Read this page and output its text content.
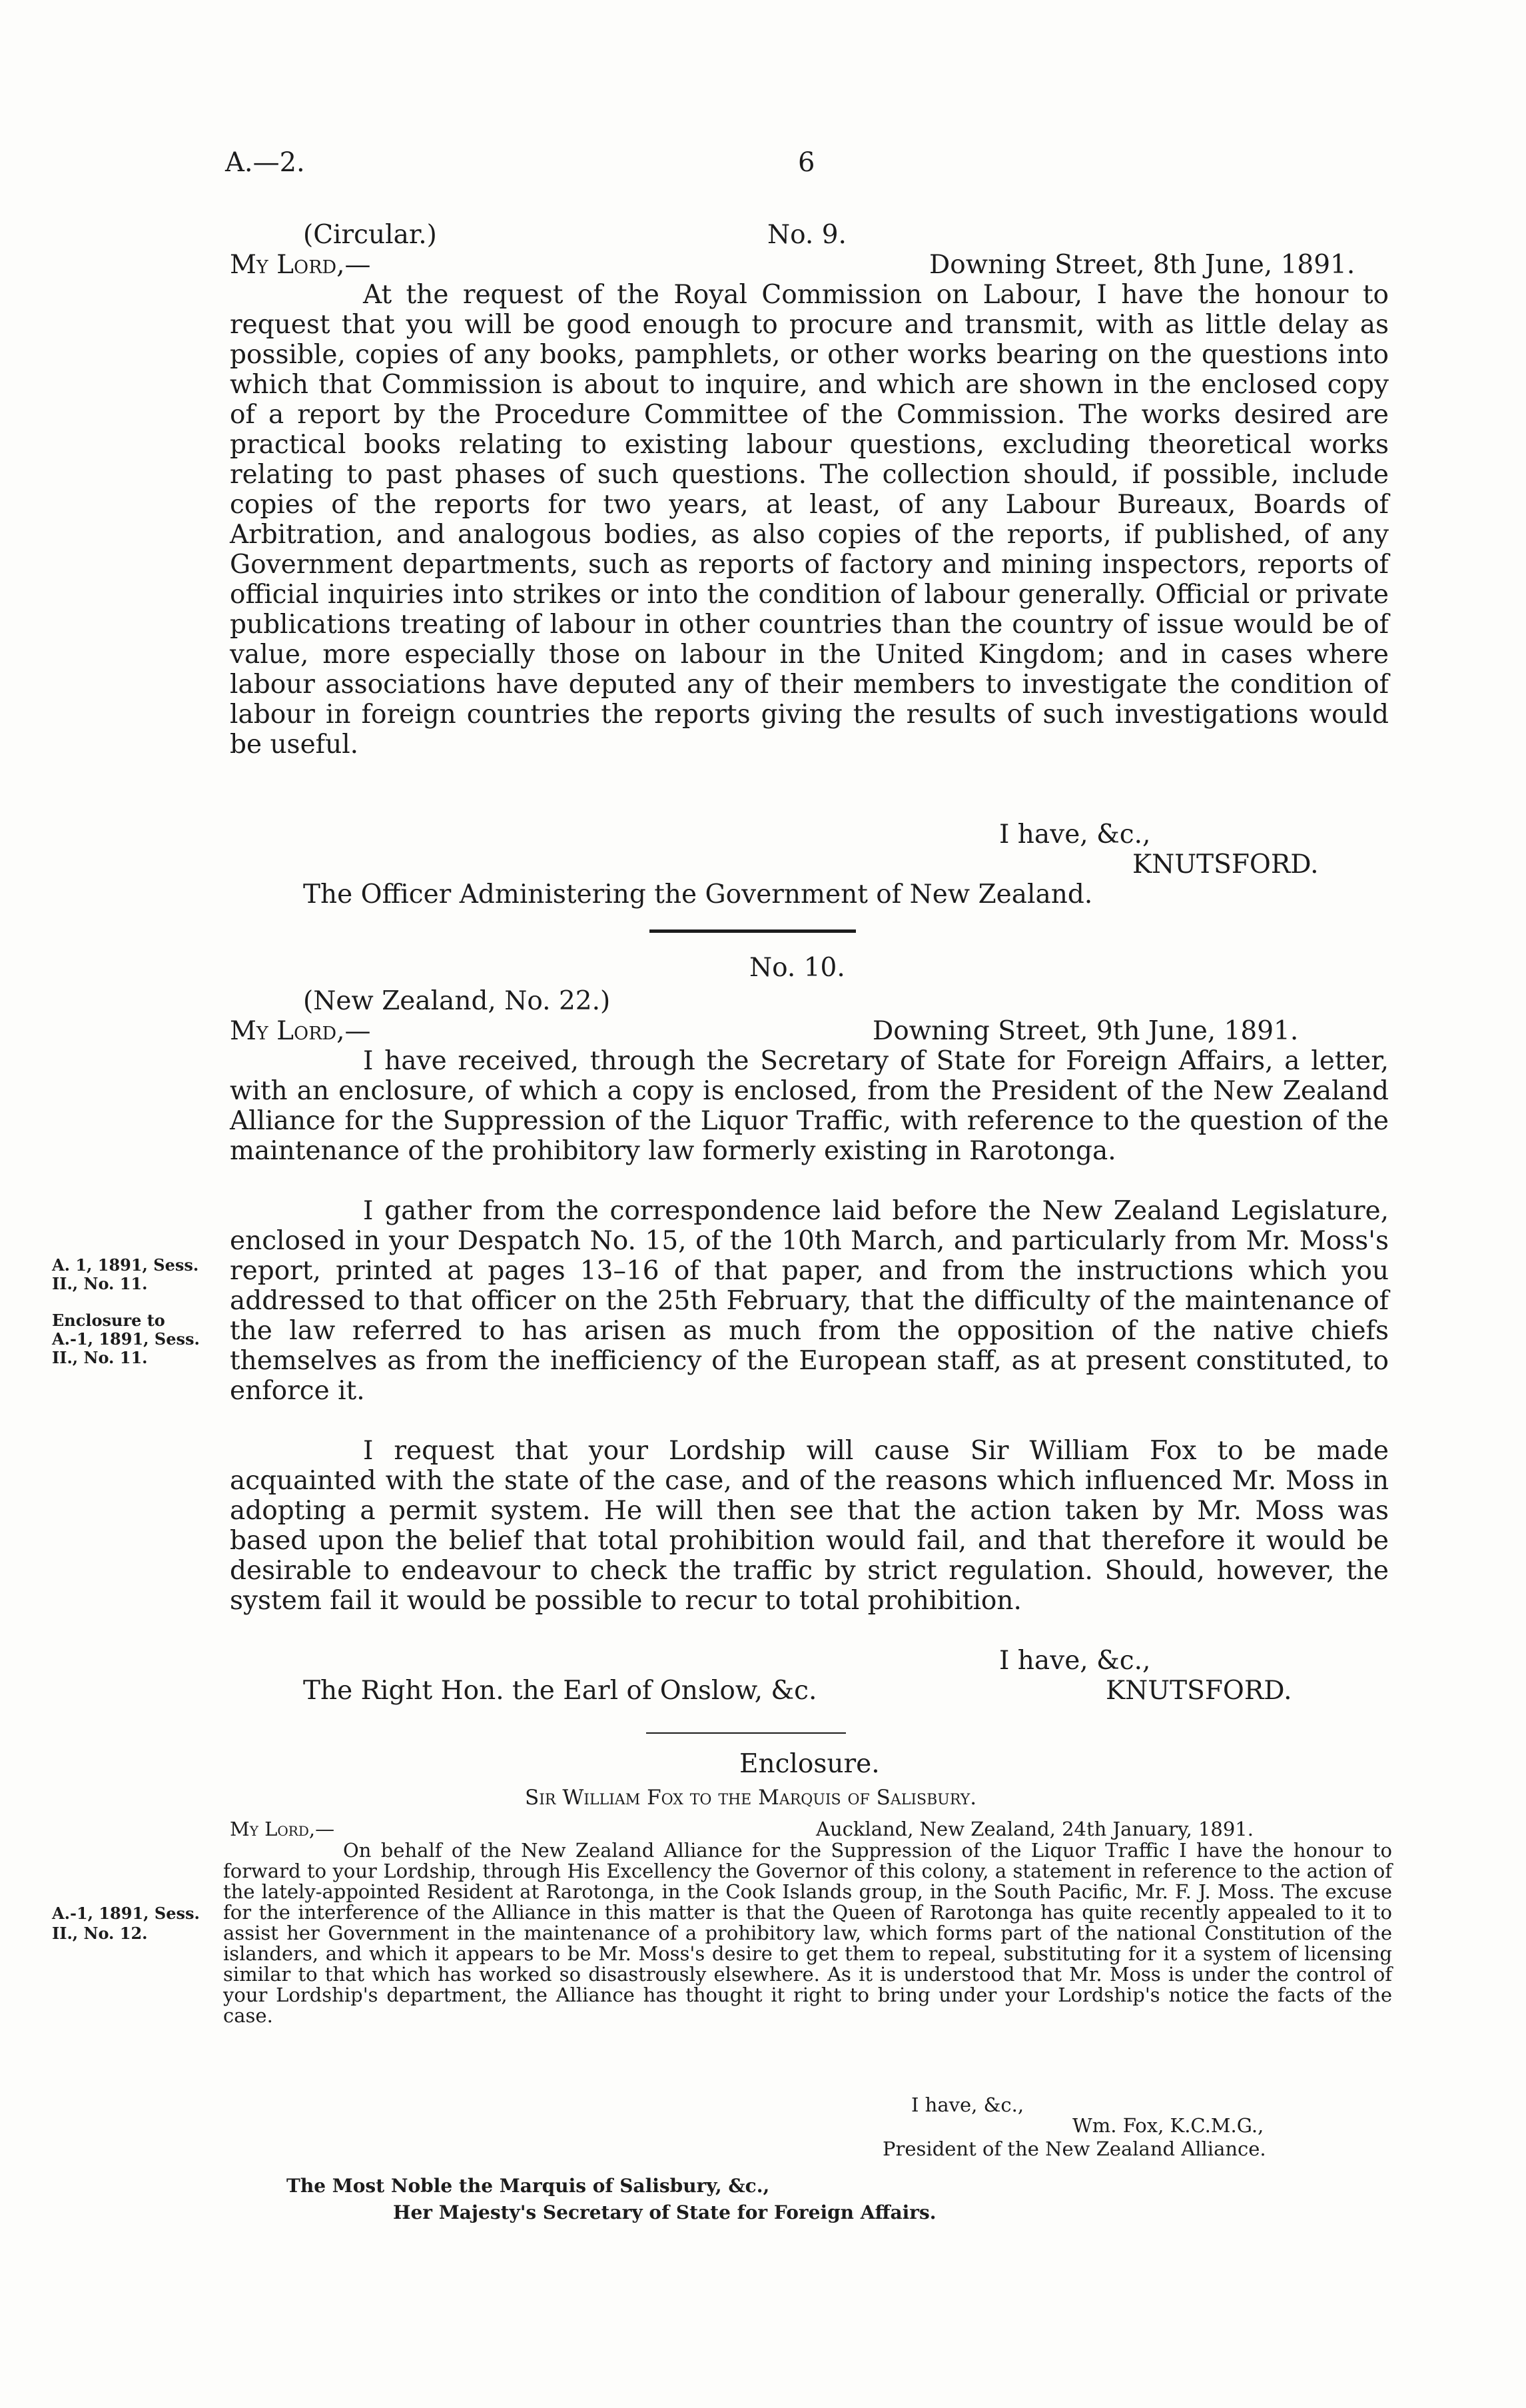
A.—2.	6
(Circular.)	No. 9.
My Lord,—	Downing Street, 8th June, 1891.
At the request of the Royal Commission on Labour, I have the honour to request that you will be good enough to procure and transmit, with as little delay as possible, copies of any books, pamphlets, or other works bearing on the questions into which that Commission is about to inquire, and which are shown in the enclosed copy of a report by the Procedure Committee of the Commission. The works desired are practical books relating to existing labour questions, excluding theoretical works relating to past phases of such questions. The collection should, if possible, include copies of the reports for two years, at least, of any Labour Bureaux, Boards of Arbitration, and analogous bodies, as also copies of the reports, if published, of any Government departments, such as reports of factory and mining inspectors, reports of official inquiries into strikes or into the condition of labour generally. Official or private publications treating of labour in other countries than the country of issue would be of value, more especially those on labour in the United Kingdom; and in cases where labour associations have deputed any of their members to investigate the condition of labour in foreign countries the reports giving the results of such investigations would be useful.
I have, &c.,
KNUTSFORD.
The Officer Administering the Government of New Zealand.
No. 10.
(New Zealand, No. 22.)
My Lord,—	Downing Street, 9th June, 1891.
I have received, through the Secretary of State for Foreign Affairs, a letter, with an enclosure, of which a copy is enclosed, from the President of the New Zealand Alliance for the Suppression of the Liquor Traffic, with reference to the question of the maintenance of the prohibitory law formerly existing in Rarotonga.
I gather from the correspondence laid before the New Zealand Legislature, enclosed in your Despatch No. 15, of the 10th March, and particularly from Mr. Moss's report, printed at pages 13–16 of that paper, and from the instructions which you addressed to that officer on the 25th February, that the difficulty of the maintenance of the law referred to has arisen as much from the opposition of the native chiefs themselves as from the inefficiency of the European staff, as at present constituted, to enforce it.
I request that your Lordship will cause Sir William Fox to be made acquainted with the state of the case, and of the reasons which influenced Mr. Moss in adopting a permit system. He will then see that the action taken by Mr. Moss was based upon the belief that total prohibition would fail, and that therefore it would be desirable to endeavour to check the traffic by strict regulation. Should, however, the system fail it would be possible to recur to total prohibition.
I have, &c.,
The Right Hon. the Earl of Onslow, &c.	KNUTSFORD.
A. 1, 1891, Sess.
II., No. 11.
Enclosure to
A.-1, 1891, Sess.
II., No. 11.
Enclosure.
Sir William Fox to the Marquis of Salisbury.
My Lord,—	Auckland, New Zealand, 24th January, 1891.
On behalf of the New Zealand Alliance for the Suppression of the Liquor Traffic I have the honour to forward to your Lordship, through His Excellency the Governor of this colony, a statement in reference to the action of the lately-appointed Resident at Rarotonga, in the Cook Islands group, in the South Pacific, Mr. F. J. Moss. The excuse for the interference of the Alliance in this matter is that the Queen of Rarotonga has quite recently appealed to it to assist her Government in the maintenance of a prohibitory law, which forms part of the national Constitution of the islanders, and which it appears to be Mr. Moss's desire to get them to repeal, substituting for it a system of licensing similar to that which has worked so disastrously elsewhere. As it is understood that Mr. Moss is under the control of your Lordship's department, the Alliance has thought it right to bring under your Lordship's notice the facts of the case.
I have, &c.,
Wm. Fox, K.C.M.G.,
President of the New Zealand Alliance.
The Most Noble the Marquis of Salisbury, &c.,
Her Majesty's Secretary of State for Foreign Affairs.
A.-1, 1891, Sess.
II., No. 12.
